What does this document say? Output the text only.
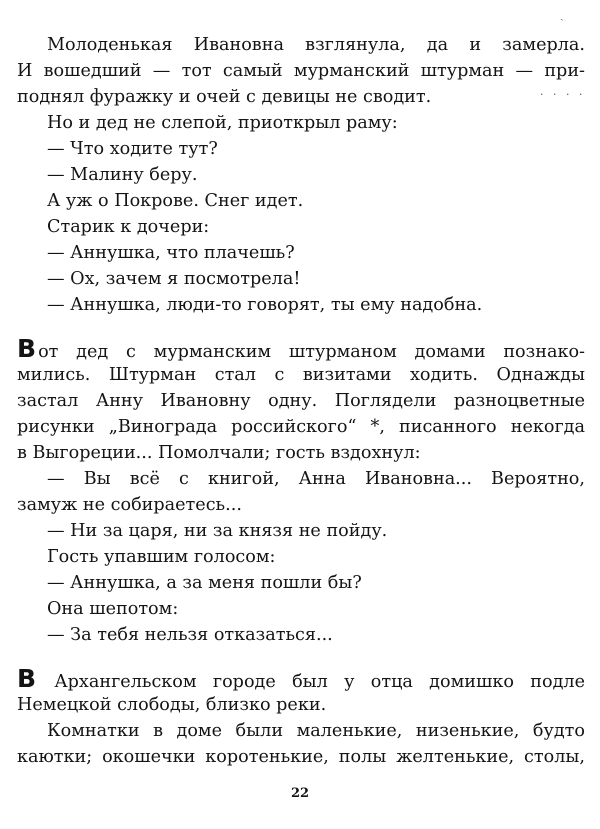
Молоденькая Ивановна взглянула, да и замерла.
И вошедший — тот самый мурманский штурман — при-
поднял фуражку и очей с девицы не сводит.
Но и дед не слепой, приоткрыл раму:
— Что ходите тут?
— Малину беру.
А уж о Покрове. Снег идет.
Старик к дочери:
— Аннушка, что плачешь?
— Ох, зачем я посмотрела!
— Аннушка, люди-то говорят, ты ему надобна.
В от дед с мурманским штурманом домами познако-
мились. Штурман стал с визитами ходить. Однажды
застал Анну Ивановну одну. Поглядели разноцветные
рисунки „Винограда российского“ *, писанного некогда
в Выгореции... Помолчали; гость вздохнул:
— Вы всё с книгой, Анна Ивановна... Вероятно,
замуж не собираетесь...
— Ни за царя, ни за князя не пойду.
Гость упавшим голосом:
— Аннушка, а за меня пошли бы?
Она шепотом:
— За тебя нельзя отказаться...
В Архангельском городе был у отца домишко подле
Немецкой слободы, близко реки.
Комнатки в доме были маленькие, низенькие, будто
каютки; окошечки коротенькие, полы желтенькие, столы,
22
ˏ
· · · ·
